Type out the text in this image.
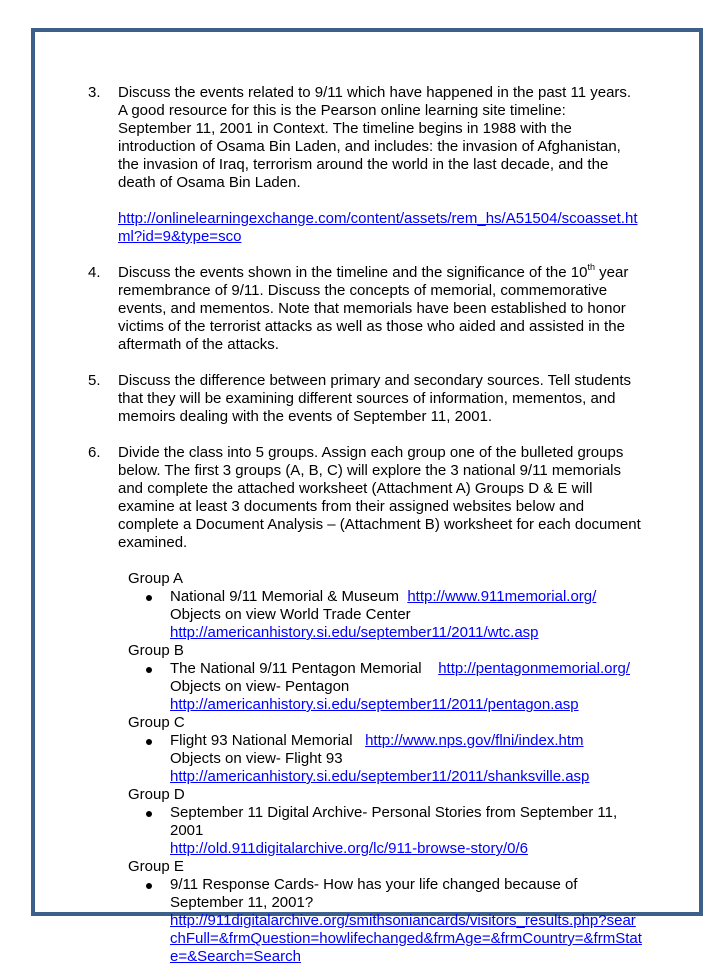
3.	Discuss the events related to 9/11 which have happened in the past 11 years. A good resource for this is the Pearson online learning site timeline: September 11, 2001 in Context. The timeline begins in 1988 with the introduction of Osama Bin Laden, and includes: the invasion of Afghanistan, the invasion of Iraq, terrorism around the world in the last decade, and the death of Osama Bin Laden.

http://onlinelearningexchange.com/content/assets/rem_hs/A51504/scoasset.html?id=9&type=sco
4.	Discuss the events shown in the timeline and the significance of the 10th year remembrance of 9/11. Discuss the concepts of memorial, commemorative events, and mementos. Note that memorials have been established to honor victims of the terrorist attacks as well as those who aided and assisted in the aftermath of the attacks.

5.	Discuss the difference between primary and secondary sources. Tell students that they will be examining different sources of information, mementos, and memoirs dealing with the events of September 11, 2001.

6.	Divide the class into 5 groups. Assign each group one of the bulleted groups below. The first 3 groups (A, B, C) will explore the 3 national 9/11 memorials and complete the attached worksheet (Attachment A) Groups D & E will examine at least 3 documents from their assigned websites below and complete a Document Analysis – (Attachment B) worksheet for each document examined.

Group A

National 9/11 Memorial & Museum http://www.911memorial.org/
Objects on view World Trade Center
http://americanhistory.si.edu/september11/2011/wtc.asp

Group B

The National 9/11 Pentagon Memorial http://pentagonmemorial.org/
Objects on view- Pentagon
http://americanhistory.si.edu/september11/2011/pentagon.asp

Group C

Flight 93 National Memorial http://www.nps.gov/flni/index.htm
Objects on view- Flight 93
http://americanhistory.si.edu/september11/2011/shanksville.asp

Group D

September 11 Digital Archive- Personal Stories from September 11, 2001
http://old.911digitalarchive.org/lc/911-browse-story/0/6

Group E

9/11 Response Cards- How has your life changed because of September 11, 2001?
http://911digitalarchive.org/smithsoniancards/visitors_results.php?searchFull=&frmQuestion=howlifechanged&frmAge=&frmCountry=&frmState=&Search=Search
